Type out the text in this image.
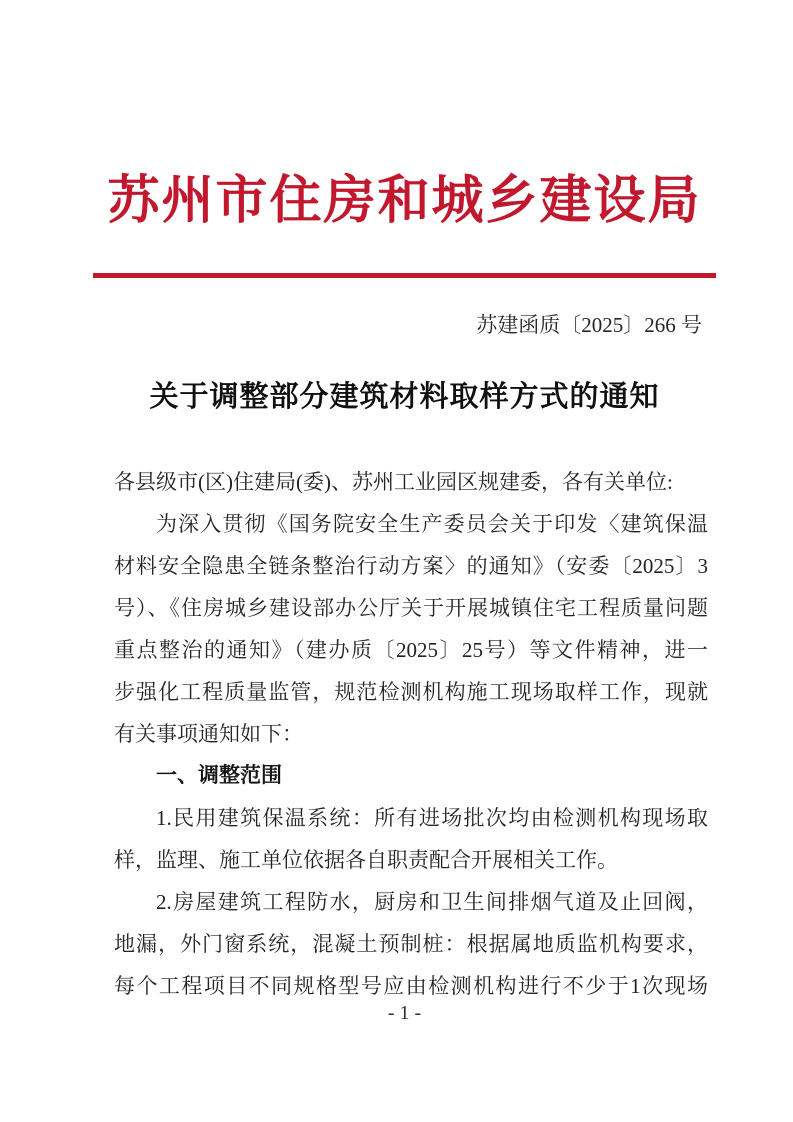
苏州市住房和城乡建设局
苏建函质〔2025〕266 号
关于调整部分建筑材料取样方式的通知
各县级市(区)住建局(委)、苏州工业园区规建委，各有关单位:
为深入贯彻《国务院安全生产委员会关于印发〈建筑保温
材料安全隐患全链条整治行动方案〉的通知》（安委〔2025〕3
号）、《住房城乡建设部办公厅关于开展城镇住宅工程质量问题
重点整治的通知》（建办质〔2025〕25号）等文件精神，进一
步强化工程质量监管，规范检测机构施工现场取样工作，现就
有关事项通知如下：
一、调整范围
1.民用建筑保温系统：所有进场批次均由检测机构现场取
样，监理、施工单位依据各自职责配合开展相关工作。
2.房屋建筑工程防水，厨房和卫生间排烟气道及止回阀，
地漏，外门窗系统，混凝土预制桩：根据属地质监机构要求，
每个工程项目不同规格型号应由检测机构进行不少于1次现场
- 1 -
